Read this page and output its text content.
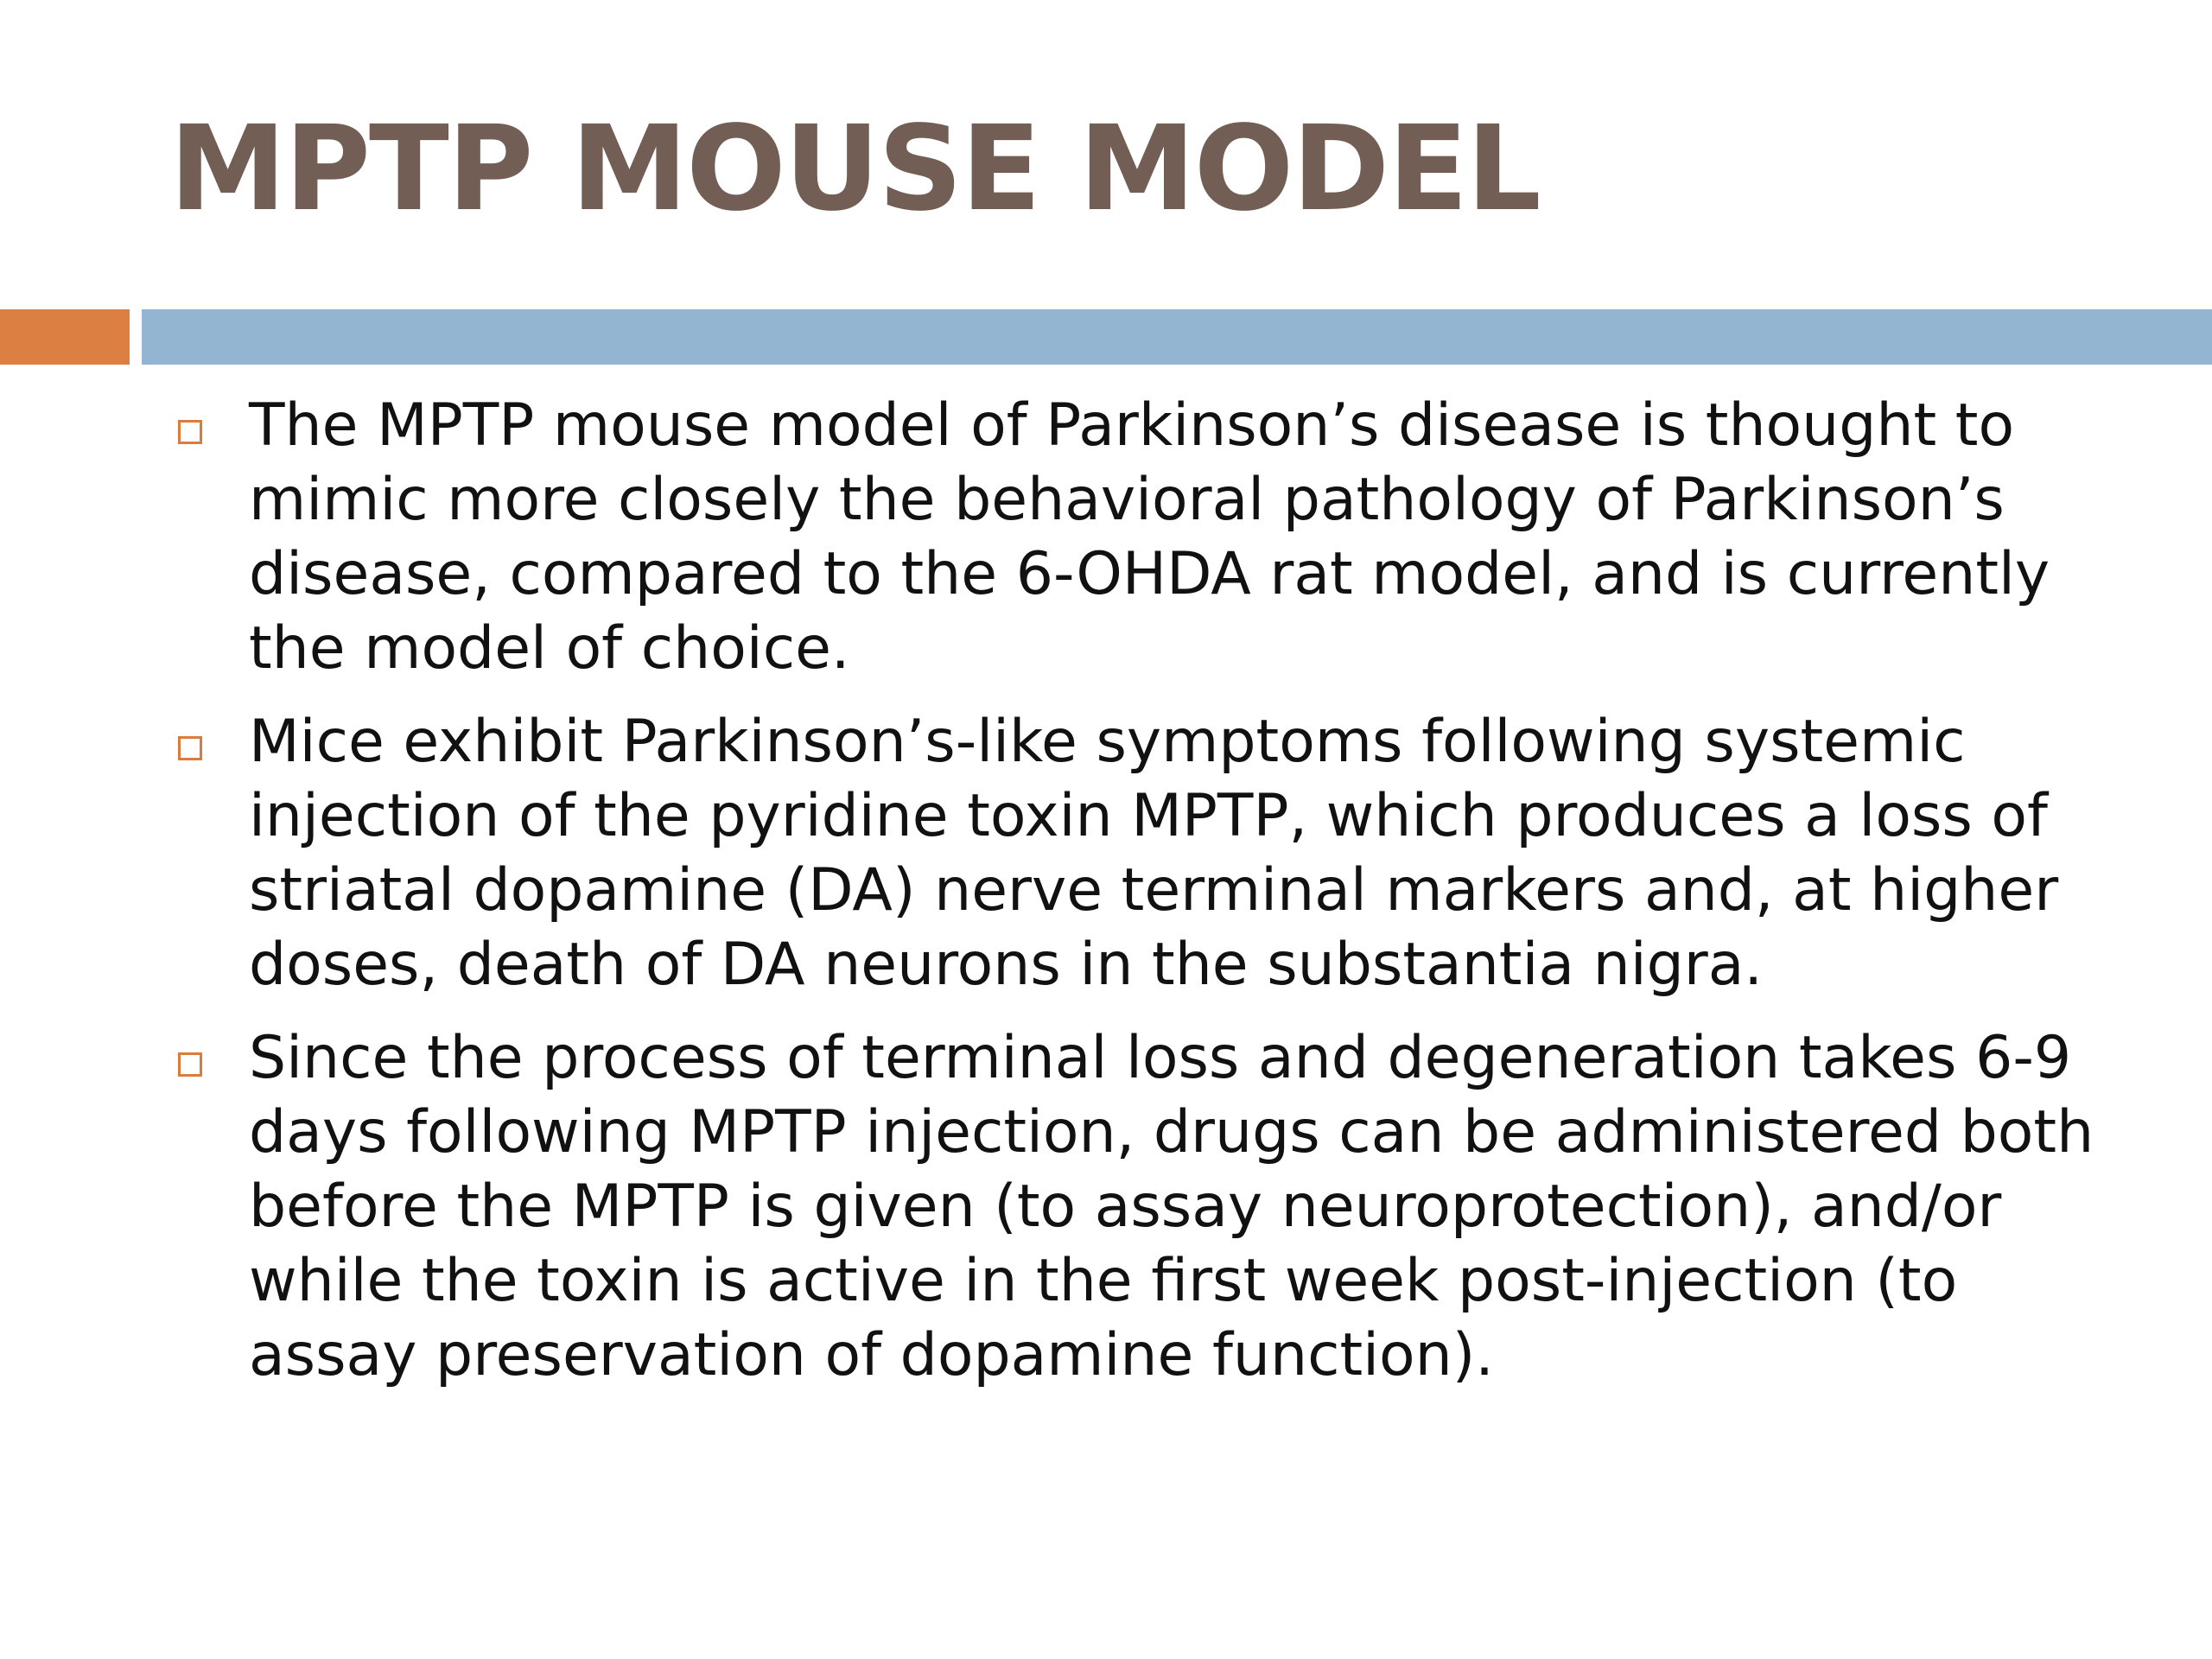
MPTP MOUSE MODEL
The MPTP mouse model of Parkinson’s disease is thought to mimic more closely the behavioral pathology of Parkinson’s disease, compared to the 6-OHDA rat model, and is currently the model of choice.
Mice exhibit Parkinson’s-like symptoms following systemic injection of the pyridine toxin MPTP, which produces a loss of striatal dopamine (DA) nerve terminal markers and, at higher doses, death of DA neurons in the substantia nigra.
Since the process of terminal loss and degeneration takes 6-9 days following MPTP injection, drugs can be administered both before the MPTP is given (to assay neuroprotection), and/or while the toxin is active in the first week post-injection (to assay preservation of dopamine function).
